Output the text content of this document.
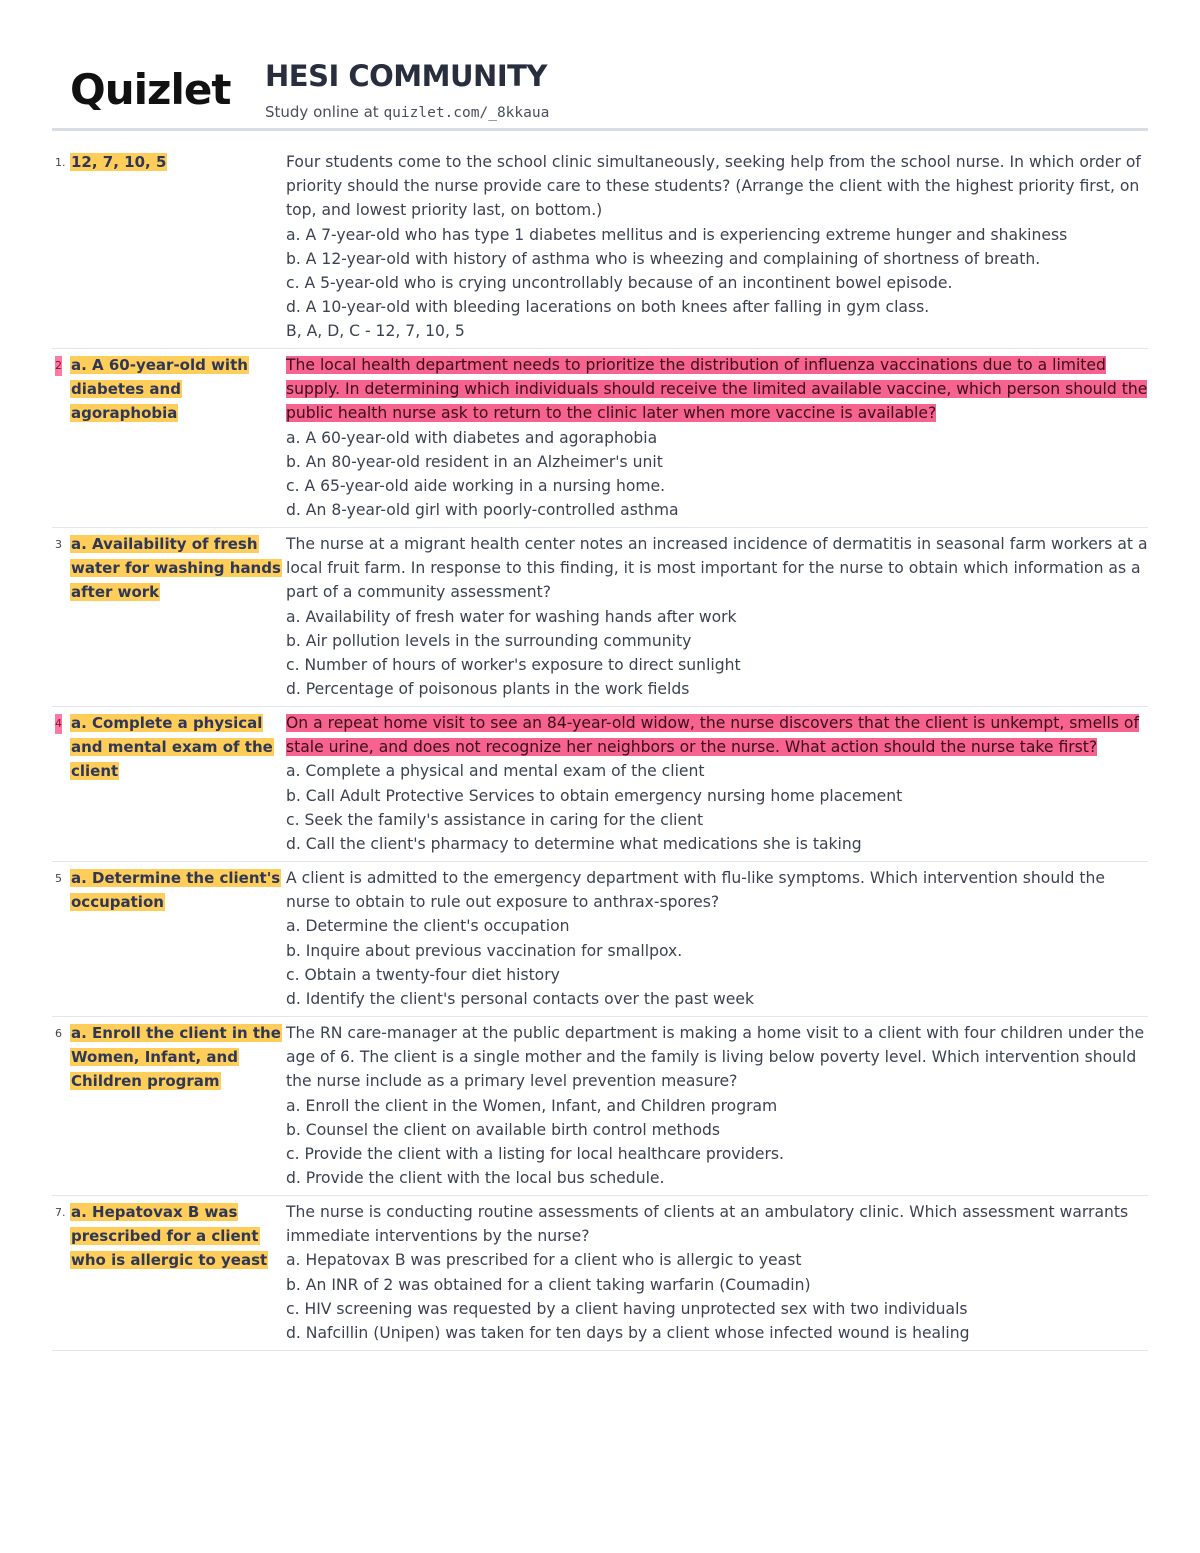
Quizlet HESI COMMUNITY
Study online at quizlet.com/_8kkaua
1. 12, 7, 10, 5	Four students come to the school clinic simultaneously, seeking help from the school nurse. In which order of priority should the nurse provide care to these students? (Arrange the client with the highest priority first, on top, and lowest priority last, on bottom.)
a. A 7-year-old who has type 1 diabetes mellitus and is experiencing extreme hunger and shakiness
b. A 12-year-old with history of asthma who is wheezing and complaining of shortness of breath.
c. A 5-year-old who is crying uncontrollably because of an incontinent bowel episode.
d. A 10-year-old with bleeding lacerations on both knees after falling in gym class.
B, A, D, C - 12, 7, 10, 5
2 a. A 60-year-old with diabetes and agoraphobia
The local health department needs to prioritize the distribution of influenza vaccinations due to a limited supply. In determining which individuals should receive the limited available vaccine, which person should the public health nurse ask to return to the clinic later when more vaccine is available?
a. A 60-year-old with diabetes and agoraphobia
b. An 80-year-old resident in an Alzheimer's unit
c. A 65-year-old aide working in a nursing home.
d. An 8-year-old girl with poorly-controlled asthma
3 a. Availability of fresh water for washing hands after work
The nurse at a migrant health center notes an increased incidence of dermatitis in seasonal farm workers at a local fruit farm. In response to this finding, it is most important for the nurse to obtain which information as a part of a community assessment?
a. Availability of fresh water for washing hands after work
b. Air pollution levels in the surrounding community
c. Number of hours of worker's exposure to direct sunlight
d. Percentage of poisonous plants in the work fields
4 a. Complete a physical and mental exam of the client
On a repeat home visit to see an 84-year-old widow, the nurse discovers that the client is unkempt, smells of stale urine, and does not recognize her neighbors or the nurse. What action should the nurse take first?
a. Complete a physical and mental exam of the client
b. Call Adult Protective Services to obtain emergency nursing home placement
c. Seek the family's assistance in caring for the client
d. Call the client's pharmacy to determine what medications she is taking
5 a. Determine the client's occupation
A client is admitted to the emergency department with flu-like symptoms. Which intervention should the nurse to obtain to rule out exposure to anthrax-spores?
a. Determine the client's occupation
b. Inquire about previous vaccination for smallpox.
c. Obtain a twenty-four diet history
d. Identify the client's personal contacts over the past week
6 a. Enroll the client in the Women, Infant, and Children program
The RN care-manager at the public department is making a home visit to a client with four children under the age of 6. The client is a single mother and the family is living below poverty level. Which intervention should the nurse include as a primary level prevention measure?
a. Enroll the client in the Women, Infant, and Children program
b. Counsel the client on available birth control methods
c. Provide the client with a listing for local healthcare providers.
d. Provide the client with the local bus schedule.
7. a. Hepatovax B was prescribed for a client who is allergic to yeast
The nurse is conducting routine assessments of clients at an ambulatory clinic. Which assessment warrants immediate interventions by the nurse?
a. Hepatovax B was prescribed for a client who is allergic to yeast
b. An INR of 2 was obtained for a client taking warfarin (Coumadin)
c. HIV screening was requested by a client having unprotected sex with two individuals
d. Nafcillin (Unipen) was taken for ten days by a client whose infected wound is healing
